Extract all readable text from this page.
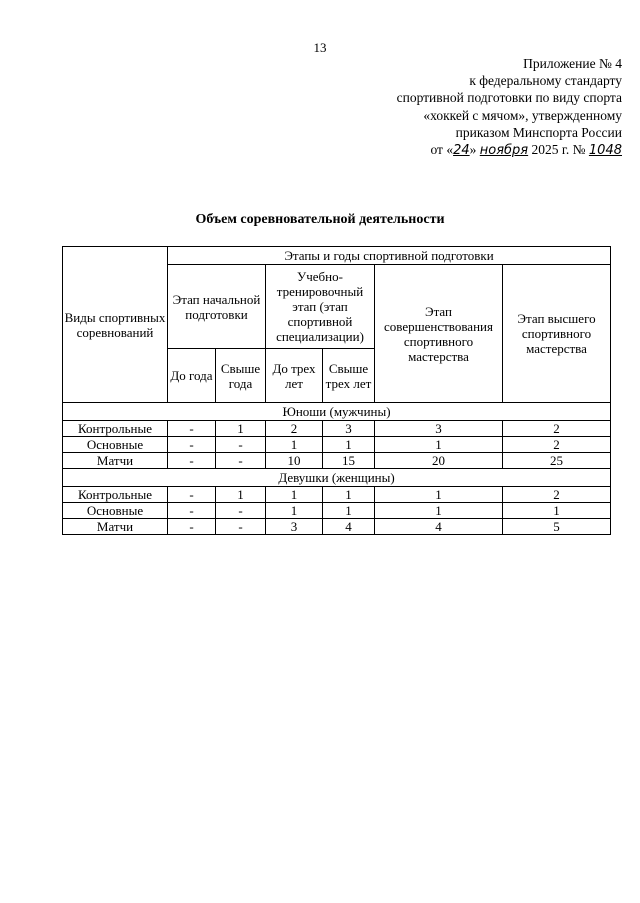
13
Приложение № 4
к федеральному стандарту
спортивной подготовки по виду спорта
«хоккей с мячом», утвержденному
приказом Минспорта России
от «24» ноября 2025 г. № 1048
Объем соревновательной деятельности
Виды спортивных соревнований	Этапы и годы спортивной подготовки					
	Этап начальной подготовки		Учебно-тренировочный этап (этап спортивной специализации)		Этап совершенствования спортивного мастерства	Этап высшего спортивного мастерства
	До года	Свыше года	До трех лет	Свыше трех лет		
Юноши (мужчины)						
Контрольные	-	1	2	3	3	2
Основные	-	-	1	1	1	2
Матчи	-	-	10	15	20	25
Девушки (женщины)						
Контрольные	-	1	1	1	1	2
Основные	-	-	1	1	1	1
Матчи	-	-	3	4	4	5
